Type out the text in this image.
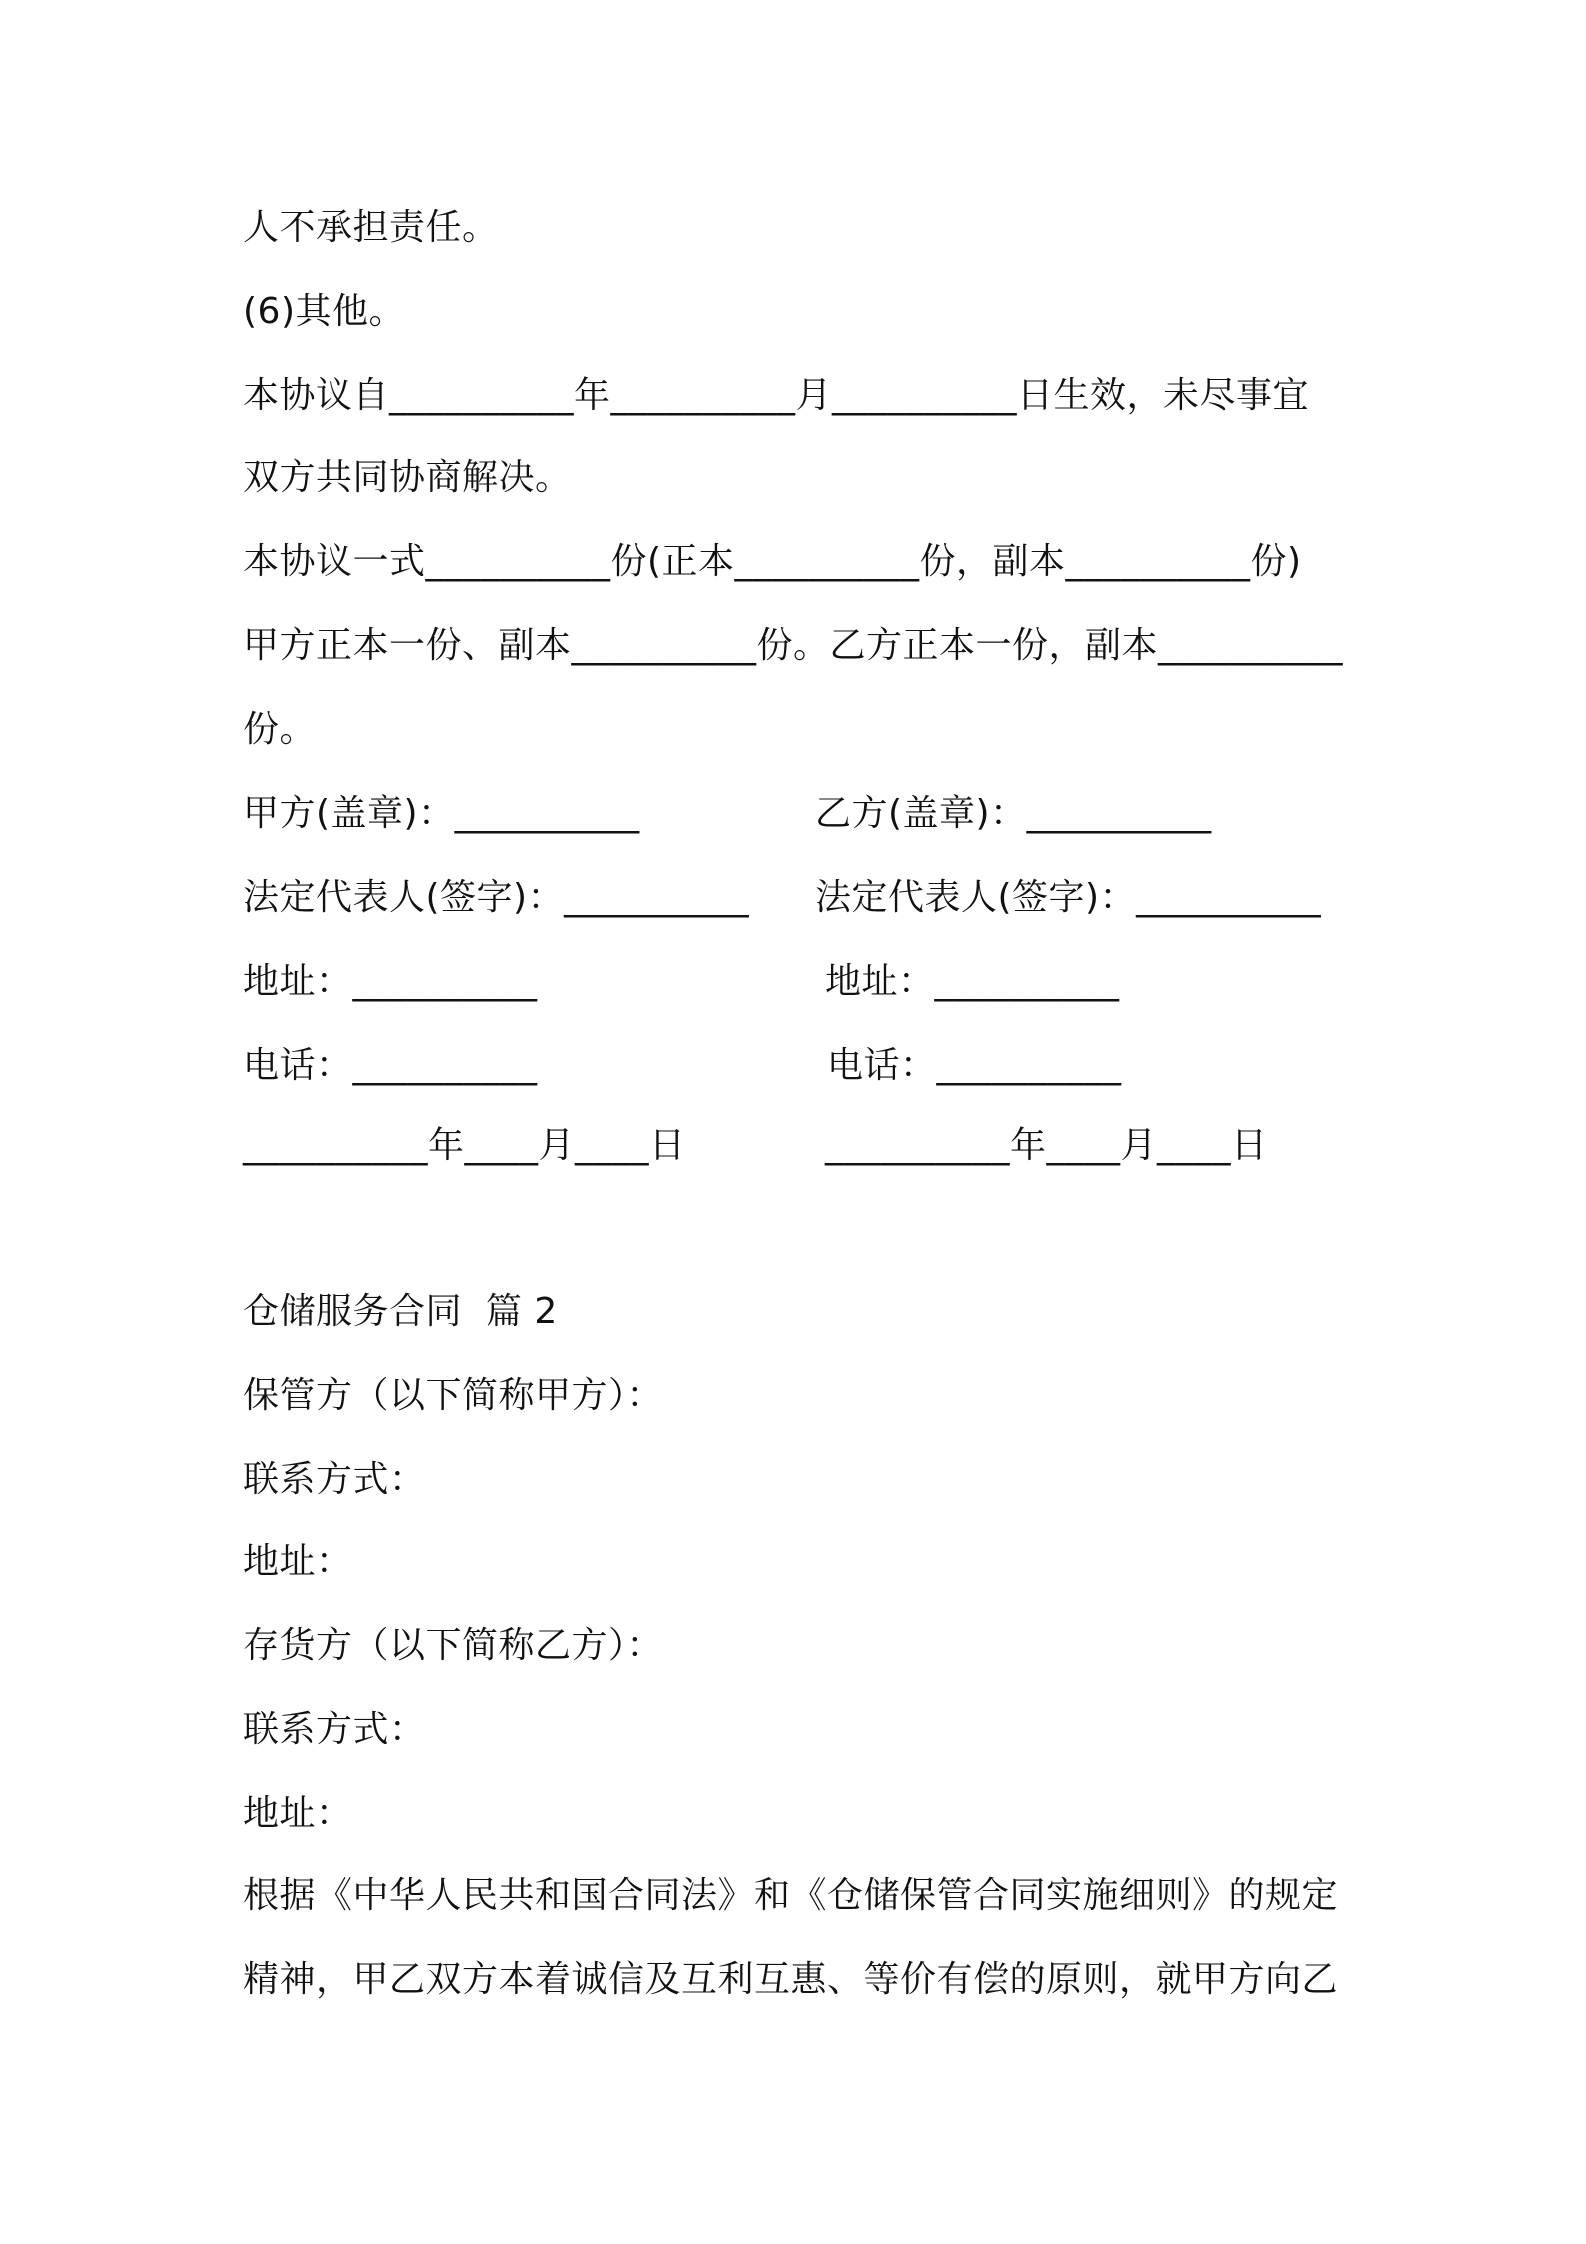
人不承担责任。
(6)其他。
本协议自__________年__________月__________日生效，未尽事宜
双方共同协商解决。
本协议一式__________份(正本__________份，副本__________份)
甲方正本一份、副本__________份。乙方正本一份，副本__________
份。
甲方(盖章)：__________	乙方(盖章)：__________
法定代表人(签字)：__________ 法定代表人(签字)：__________
地址：__________	地址：__________
电话：__________	电话：__________
__________年____月____日	__________年____月____日
仓储服务合同  篇 2
保管方（以下简称甲方）：
联系方式：
地址：
存货方（以下简称乙方）：
联系方式：
地址：
根据《中华人民共和国合同法》和《仓储保管合同实施细则》的规定
精神，甲乙双方本着诚信及互利互惠、等价有偿的原则，就甲方向乙
